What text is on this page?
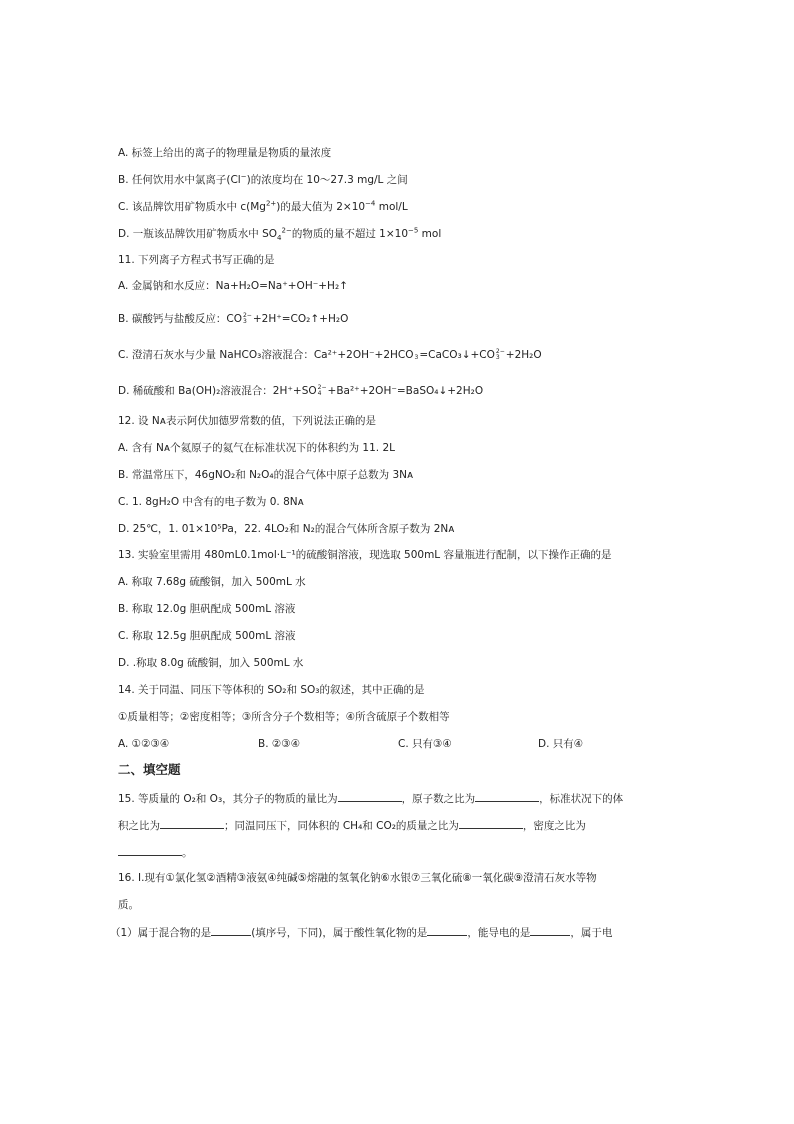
A. 标签上给出的离子的物理量是物质的量浓度
B. 任何饮用水中氯离子(Cl−)的浓度均在 10～27.3 mg/L 之间
C. 该品牌饮用矿物质水中 $c(Mg^{2+})$的最大值为 $2\times 10^{-4}$ mol/L
D. 一瓶该品牌饮用矿物质水中 $SO_4^{2-}$的物质的量不超过 $1\times 10^{-5}$ mol
11. 下列离子方程式书写正确的是
A. 金属钠和水反应：Na+H₂O=Na⁺+OH⁻+H₂↑
B. 碳酸钙与盐酸反应：CO 2−
3 +2H⁺=CO₂↑+H₂O
C. 澄清石灰水与少量 NaHCO₃溶液混合：Ca²⁺+2OH⁻+2HCO
3 =CaCO₃↓+CO 2−
3 +2H₂O
D. 稀硫酸和 Ba(OH)₂溶液混合：2H⁺+SO 2−
4 +Ba²⁺+2OH⁻=BaSO₄↓+2H₂O
12. 设 Nᴀ表示阿伏加德罗常数的值，下列说法正确的是
A. 含有 Nᴀ个氦原子的氦气在标准状况下的体积约为 11. 2L
B. 常温常压下，46gNO₂和 N₂O₄的混合气体中原子总数为 3Nᴀ
C. 1. 8gH₂O 中含有的电子数为 0. 8Nᴀ
D. 25℃，1. 01×10⁵Pa，22. 4LO₂和 N₂的混合气体所含原子数为 2Nᴀ
13. 实验室里需用 480mL0.1mol·L⁻¹的硫酸铜溶液，现选取 500mL 容量瓶进行配制，以下操作正确的是
A. 称取 7.68g 硫酸铜，加入 500mL 水
B. 称取 12.0g 胆矾配成 500mL 溶液
C. 称取 12.5g 胆矾配成 500mL 溶液
D. .称取 8.0g 硫酸铜，加入 500mL 水
14. 关于同温、同压下等体积的 SO₂和 SO₃的叙述，其中正确的是
①质量相等；②密度相等；③所含分子个数相等；④所含硫原子个数相等
A. ①②③④	B. ②③④	C. 只有③④	D. 只有④
二、填空题
15. 等质量的 O₂和 O₃，其分子的物质的量比为	，原子数之比为	，标准状况下的体
积之比为	；同温同压下，同体积的 CH₄和 CO₂的质量之比为	，密度之比为
。
16. I.现有①氯化氢②酒精③液氨④纯碱⑤熔融的氢氧化钠⑥水银⑦三氧化硫⑧一氧化碳⑨澄清石灰水等物
质。
（1）属于混合物的是	(填序号，下同)，属于酸性氧化物的是	，能导电的是	，属于电
